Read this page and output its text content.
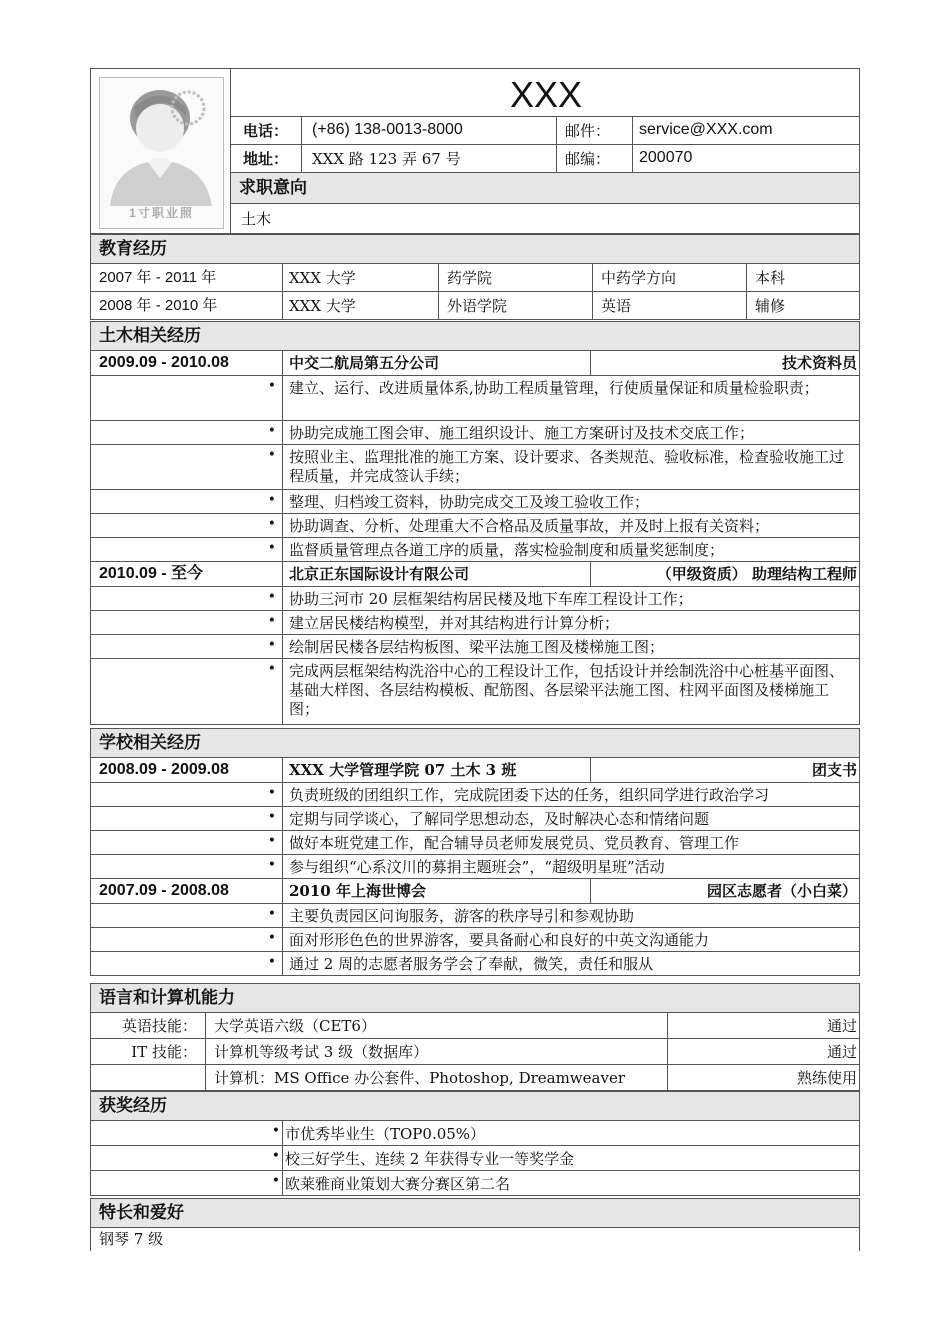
1寸职业照
XXX
电话： (+86) 138-0013-8000	邮件： service@XXX.com
地址： XXX 路 123 弄 67 号	邮编： 200070
求职意向
土木
教育经历
2007 年 - 2011 年	XXX 大学	药学院	中药学方向	本科
2008 年 - 2010 年	XXX 大学	外语学院	英语	辅修
土木相关经历
2009.09 - 2010.08	中交二航局第五分公司	技术资料员
• 建立、运行、改进质量体系,协助工程质量管理，行使质量保证和质量检验职责；
• 协助完成施工图会审、施工组织设计、施工方案研讨及技术交底工作；
• 按照业主、监理批准的施工方案、设计要求、各类规范、验收标准，检查验收施工过程质量，并完成签认手续；
• 整理、归档竣工资料，协助完成交工及竣工验收工作；
• 协助调查、分析、处理重大不合格品及质量事故，并及时上报有关资料；
• 监督质量管理点各道工序的质量，落实检验制度和质量奖惩制度；
2010.09 - 至今	北京正东国际设计有限公司	（甲级资质） 助理结构工程师
• 协助三河市 20 层框架结构居民楼及地下车库工程设计工作；
• 建立居民楼结构模型，并对其结构进行计算分析；
• 绘制居民楼各层结构板图、梁平法施工图及楼梯施工图；
• 完成两层框架结构洗浴中心的工程设计工作，包括设计并绘制洗浴中心桩基平面图、基础大样图、各层结构模板、配筋图、各层梁平法施工图、柱网平面图及楼梯施工图；
学校相关经历
2008.09 - 2009.08	XXX 大学管理学院 07 土木 3 班	团支书
• 负责班级的团组织工作，完成院团委下达的任务，组织同学进行政治学习
• 定期与同学谈心，了解同学思想动态，及时解决心态和情绪问题
• 做好本班党建工作，配合辅导员老师发展党员、党员教育、管理工作
• 参与组织“心系汶川的募捐主题班会”，“超级明星班”活动
2007.09 - 2008.08	2010 年上海世博会	园区志愿者（小白菜）
• 主要负责园区问询服务，游客的秩序导引和参观协助
• 面对形形色色的世界游客，要具备耐心和良好的中英文沟通能力
• 通过 2 周的志愿者服务学会了奉献，微笑，责任和服从
语言和计算机能力
英语技能： 大学英语六级（CET6）	通过
IT 技能： 计算机等级考试 3 级（数据库）	通过
计算机：MS Office 办公套件、Photoshop, Dreamweaver	熟练使用
获奖经历
• 市优秀毕业生（TOP0.05%）
• 校三好学生、连续 2 年获得专业一等奖学金
• 欧莱雅商业策划大赛分赛区第二名
特长和爱好
钢琴 7 级
